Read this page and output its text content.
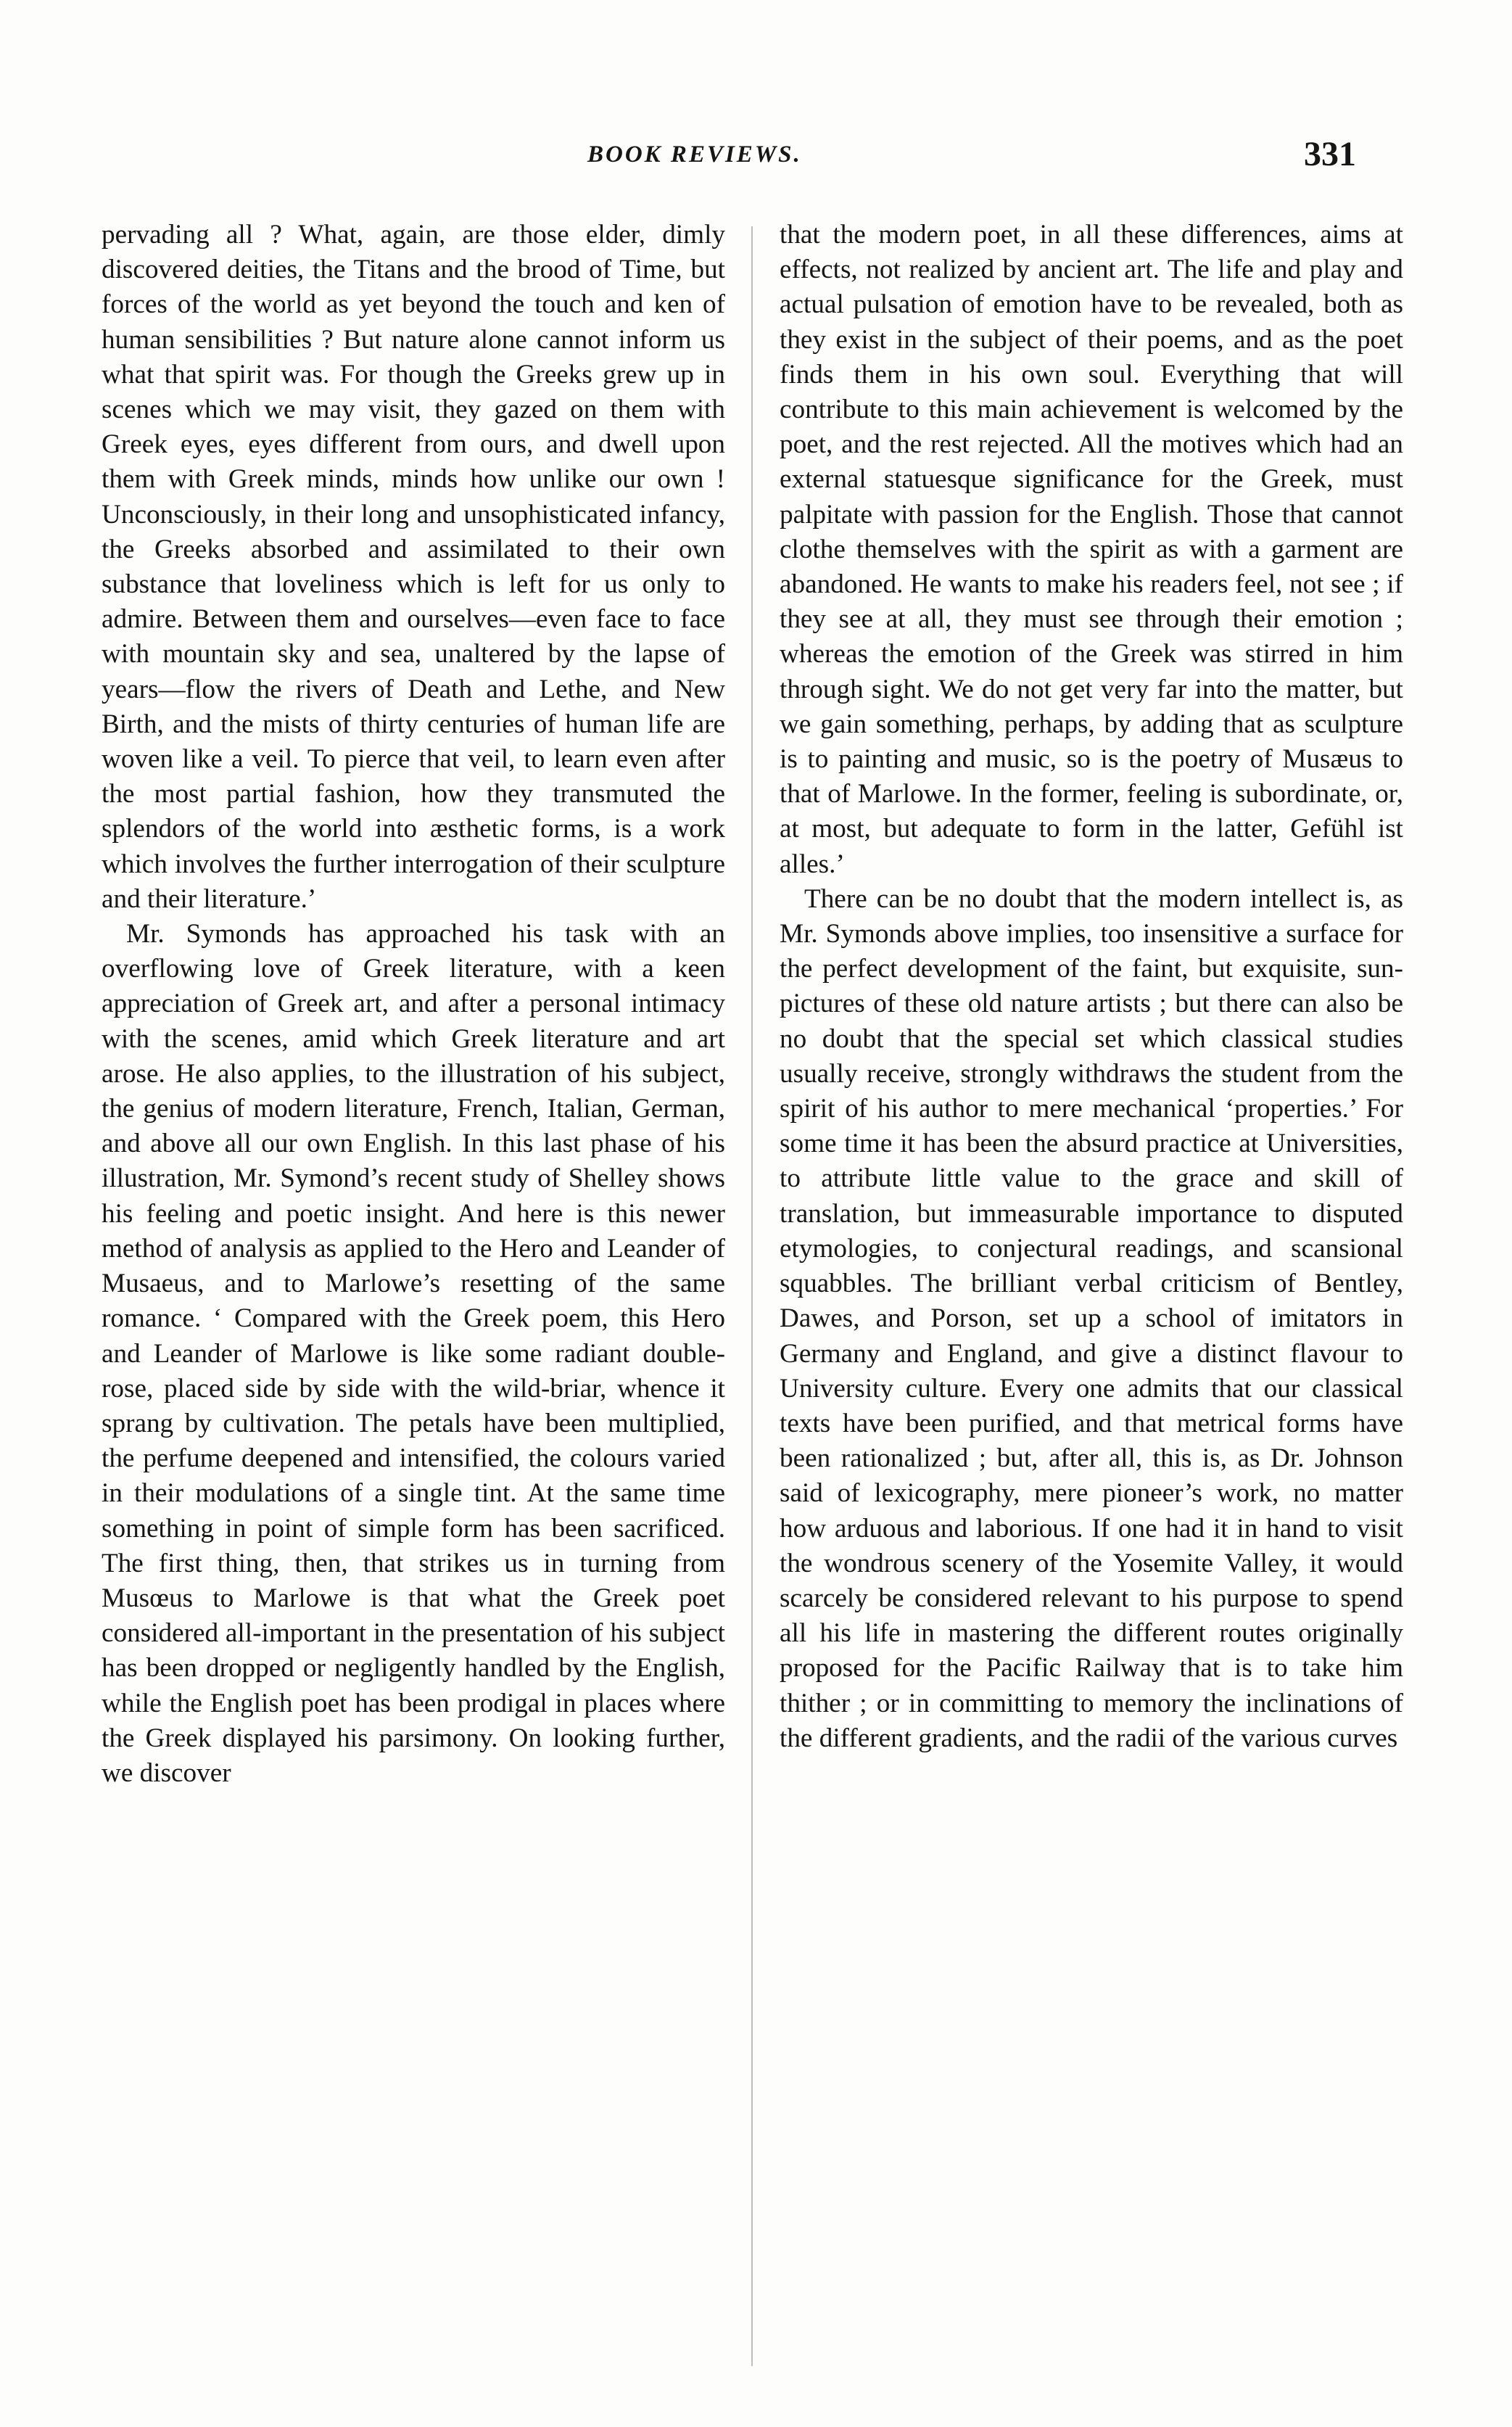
BOOK REVIEWS.	331

pervading all ? What, again, are those elder, dimly discovered deities, the Titans and the brood of Time, but forces of the world as yet beyond the touch and ken of human sensibilities ? But nature alone cannot inform us what that spirit was. For though the Greeks grew up in scenes which we may visit, they gazed on them with Greek eyes, eyes different from ours, and dwell upon them with Greek minds, minds how unlike our own ! Unconsciously, in their long and unsophisticated infancy, the Greeks absorbed and assimilated to their own substance that loveliness which is left for us only to admire. Between them and ourselves—even face to face with mountain sky and sea, unaltered by the lapse of years—flow the rivers of Death and Lethe, and New Birth, and the mists of thirty centuries of human life are woven like a veil. To pierce that veil, to learn even after the most partial fashion, how they transmuted the splendors of the world into æsthetic forms, is a work which involves the further interrogation of their sculpture and their literature.’

Mr. Symonds has approached his task with an overflowing love of Greek literature, with a keen appreciation of Greek art, and after a personal intimacy with the scenes, amid which Greek literature and art arose. He also applies, to the illustration of his subject, the genius of modern literature, French, Italian, German, and above all our own English. In this last phase of his illustration, Mr. Symond’s recent study of Shelley shows his feeling and poetic insight. And here is this newer method of analysis as applied to the Hero and Leander of Musaeus, and to Marlowe’s resetting of the same romance. ‘ Compared with the Greek poem, this Hero and Leander of Marlowe is like some radiant double-rose, placed side by side with the wild-briar, whence it sprang by cultivation. The petals have been multiplied, the perfume deepened and intensified, the colours varied in their modulations of a single tint. At the same time something in point of simple form has been sacrificed. The first thing, then, that strikes us in turning from Musœus to Marlowe is that what the Greek poet considered all-important in the presentation of his subject has been dropped or negligently handled by the English, while the English poet has been prodigal in places where the Greek displayed his parsimony. On looking further, we discover

that the modern poet, in all these differences, aims at effects, not realized by ancient art. The life and play and actual pulsation of emotion have to be revealed, both as they exist in the subject of their poems, and as the poet finds them in his own soul. Everything that will contribute to this main achievement is welcomed by the poet, and the rest rejected. All the motives which had an external statuesque significance for the Greek, must palpitate with passion for the English. Those that cannot clothe themselves with the spirit as with a garment are abandoned. He wants to make his readers feel, not see ; if they see at all, they must see through their emotion ; whereas the emotion of the Greek was stirred in him through sight. We do not get very far into the matter, but we gain something, perhaps, by adding that as sculpture is to painting and music, so is the poetry of Musæus to that of Marlowe. In the former, feeling is subordinate, or, at most, but adequate to form in the latter, Gefühl ist alles.’

There can be no doubt that the modern intellect is, as Mr. Symonds above implies, too insensitive a surface for the perfect development of the faint, but exquisite, sun-pictures of these old nature artists ; but there can also be no doubt that the special set which classical studies usually receive, strongly withdraws the student from the spirit of his author to mere mechanical ‘properties.’ For some time it has been the absurd practice at Universities, to attribute little value to the grace and skill of translation, but immeasurable importance to disputed etymologies, to conjectural readings, and scansional squabbles. The brilliant verbal criticism of Bentley, Dawes, and Porson, set up a school of imitators in Germany and England, and give a distinct flavour to University culture. Every one admits that our classical texts have been purified, and that metrical forms have been rationalized ; but, after all, this is, as Dr. Johnson said of lexicography, mere pioneer’s work, no matter how arduous and laborious. If one had it in hand to visit the wondrous scenery of the Yosemite Valley, it would scarcely be considered relevant to his purpose to spend all his life in mastering the different routes originally proposed for the Pacific Railway that is to take him thither ; or in committing to memory the inclinations of the different gradients, and the radii of the various curves
